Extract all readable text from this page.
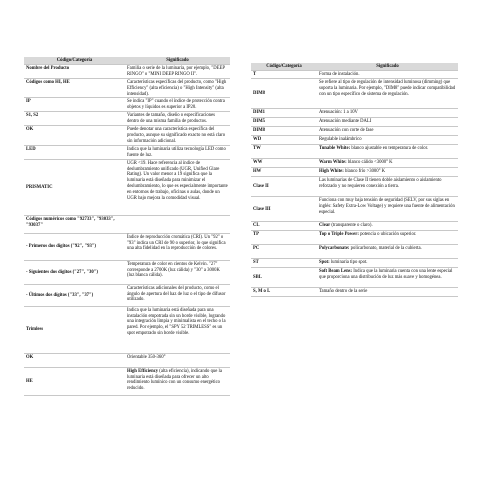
Código/Categoría	Significado
Nombre del Producto	Familia o serie de la luminaria, por ejemplo, "DEEP RINGO" o "MINI DEEP RINGO II".
Códigos como HI, HE	Características específicas del producto, como "High Efficiency" (alta eficiencia) o "High Intensity" (alta intensidad).
IP	Se indica "IP" cuando el índice de protección contra objetos y líquidos es superior a IP20.
S1, S2	Variantes de tamaño, diseño o especificaciones dentro de una misma familia de productos.
OK	Puede denotar una característica específica del producto, aunque su significado exacto no está claro sin información adicional.
LED	Indica que la luminaria utiliza tecnología LED como fuente de luz.
PRISMATIC	UGR <19. Hace referencia al índice de deslumbramiento unificado (UGR, Unified Glare Rating). Un valor menor a 19 significa que la luminaria está diseñada para minimizar el deslumbramiento, lo que es especialmente importante en entornos de trabajo, oficinas o aulas, donde un UGR bajo mejora la comodidad visual.
Códigos numéricos como "92733", "93033", "93037"	
- Primeros dos dígitos ("92", "93")	Índice de reproducción cromática (CRI). Un "92" o "93" indica un CRI de 90 o superior, lo que significa una alta fidelidad en la reproducción de colores.
- Siguientes dos dígitos ("27", "30")	Temperatura de color en cientos de Kelvin. "27" corresponde a 2700K (luz cálida) y "30" a 3000K (luz blanca cálida).
- Últimos dos dígitos ("33", "37")	Características adicionales del producto, como el ángulo de apertura del haz de luz o el tipo de difusor utilizado.
Trimless	Indica que la luminaria está diseñada para una instalación empotrada sin un borde visible, logrando una integración limpia y minimalista en el techo o la pared. Por ejemplo, el "SPY 52 TRIMLESS" es un spot empotrado sin borde visible.
OK	Orientable 350-360°
HE	High Efficiency (alta eficiencia), indicando que la luminaria está diseñada para ofrecer un alto rendimiento lumínico con un consumo energético reducido.
Código/Categoría	Significado
T	Forma de instalación.
DIM8	Se refiere al tipo de regulación de intensidad luminosa (dimming) que soporta la luminaria. Por ejemplo, "DIM8" puede indicar compatibilidad con un tipo específico de sistema de regulación.
DIM1	Atenuación: 1 a 10V
DIM5	Atenuación mediante DALI
DIM8	Atenuación con corte de fase
WD	Regulable inalámbrico
TW	Tunable White: blanco ajustable en temperatura de color.
WW	Warm White: blanco cálido <3000° K
HW	High White: blanco frío >3000° K
Clase II	Las luminarias de Clase II tienen doble aislamiento o aislamiento reforzado y no requieren conexión a tierra.
Clase III	Funciona con muy baja tensión de seguridad (SELV, por sus siglas en inglés: Safety Extra-Low Voltage) y requiere una fuente de alimentación especial.
CL	Clear (transparente o claro).
TP	Top o Triple Power: potencia o ubicación superior.
PC	Polycarbonate: policarbonato, material de la cubierta.
ST	Spot: luminaria tipo spot.
SBL	Soft Beam Lens: Indica que la luminaria cuenta con una lente especial que proporciona una distribución de luz más suave y homogénea.
S, M o L	Tamaño dentro de la serie
